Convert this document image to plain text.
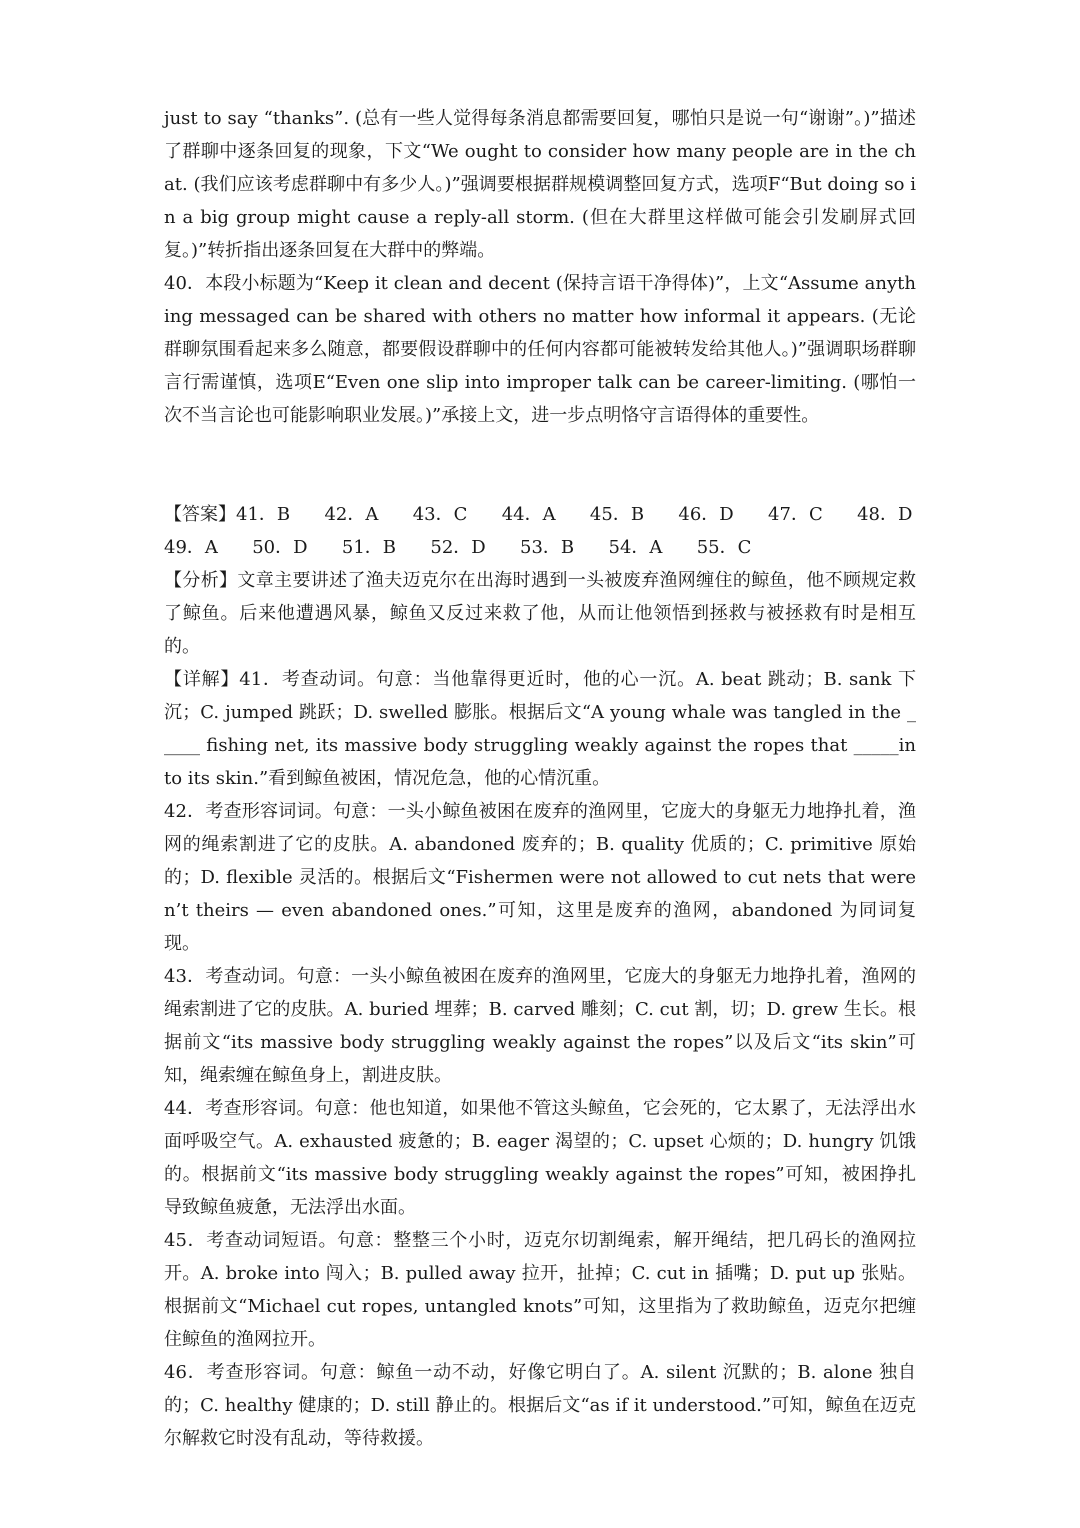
just to say “thanks”. (总有一些人觉得每条消息都需要回复，哪怕只是说一句“谢谢”。)”描述了群聊中逐条回复的现象，下文“We ought to consider how many people are in the chat. (我们应该考虑群聊中有多少人。)”强调要根据群规模调整回复方式，选项F“But doing so in a big group might cause a reply-all storm. (但在大群里这样做可能会引发刷屏式回复。)”转折指出逐条回复在大群中的弊端。

40．本段小标题为“Keep it clean and decent (保持言语干净得体)”，上文“Assume anything messaged can be shared with others no matter how informal it appears. (无论群聊氛围看起来多么随意，都要假设群聊中的任何内容都可能被转发给其他人。)”强调职场群聊言行需谨慎，选项E“Even one slip into improper talk can be career-limiting. (哪怕一次不当言论也可能影响职业发展。)”承接上文，进一步点明恪守言语得体的重要性。

【答案】41．B      42．A      43．C      44．A      45．B      46．D      47．C      48．D

49．A      50．D      51．B      52．D      53．B      54．A      55．C

【分析】文章主要讲述了渔夫迈克尔在出海时遇到一头被废弃渔网缠住的鲸鱼，他不顾规定救了鲸鱼。后来他遭遇风暴，鲸鱼又反过来救了他，从而让他领悟到拯救与被拯救有时是相互的。

【详解】41．考查动词。句意：当他靠得更近时，他的心一沉。A. beat 跳动；B. sank 下沉；C. jumped 跳跃；D. swelled 膨胀。根据后文“A young whale was tangled in the _____ fishing net, its massive body struggling weakly against the ropes that _____into its skin.”看到鲸鱼被困，情况危急，他的心情沉重。

42．考查形容词词。句意：一头小鲸鱼被困在废弃的渔网里，它庞大的身躯无力地挣扎着，渔网的绳索割进了它的皮肤。A. abandoned 废弃的；B. quality 优质的；C. primitive 原始的；D. flexible 灵活的。根据后文“Fishermen were not allowed to cut nets that weren’t theirs — even abandoned ones.”可知，这里是废弃的渔网，abandoned 为同词复现。

43．考查动词。句意：一头小鲸鱼被困在废弃的渔网里，它庞大的身躯无力地挣扎着，渔网的绳索割进了它的皮肤。A. buried 埋葬；B. carved 雕刻；C. cut 割，切；D. grew 生长。根据前文“its massive body struggling weakly against the ropes”以及后文“its skin”可知，绳索缠在鲸鱼身上，割进皮肤。

44．考查形容词。句意：他也知道，如果他不管这头鲸鱼，它会死的，它太累了，无法浮出水面呼吸空气。A. exhausted 疲惫的；B. eager 渴望的；C. upset 心烦的；D. hungry 饥饿的。根据前文“its massive body struggling weakly against the ropes”可知，被困挣扎导致鲸鱼疲惫，无法浮出水面。

45．考查动词短语。句意：整整三个小时，迈克尔切割绳索，解开绳结，把几码长的渔网拉开。A. broke into 闯入；B. pulled away 拉开，扯掉；C. cut in 插嘴；D. put up 张贴。根据前文“Michael cut ropes, untangled knots”可知，这里指为了救助鲸鱼，迈克尔把缠住鲸鱼的渔网拉开。

46．考查形容词。句意：鲸鱼一动不动，好像它明白了。A. silent 沉默的；B. alone 独自的；C. healthy 健康的；D. still 静止的。根据后文“as if it understood.”可知，鲸鱼在迈克尔解救它时没有乱动，等待救援。
